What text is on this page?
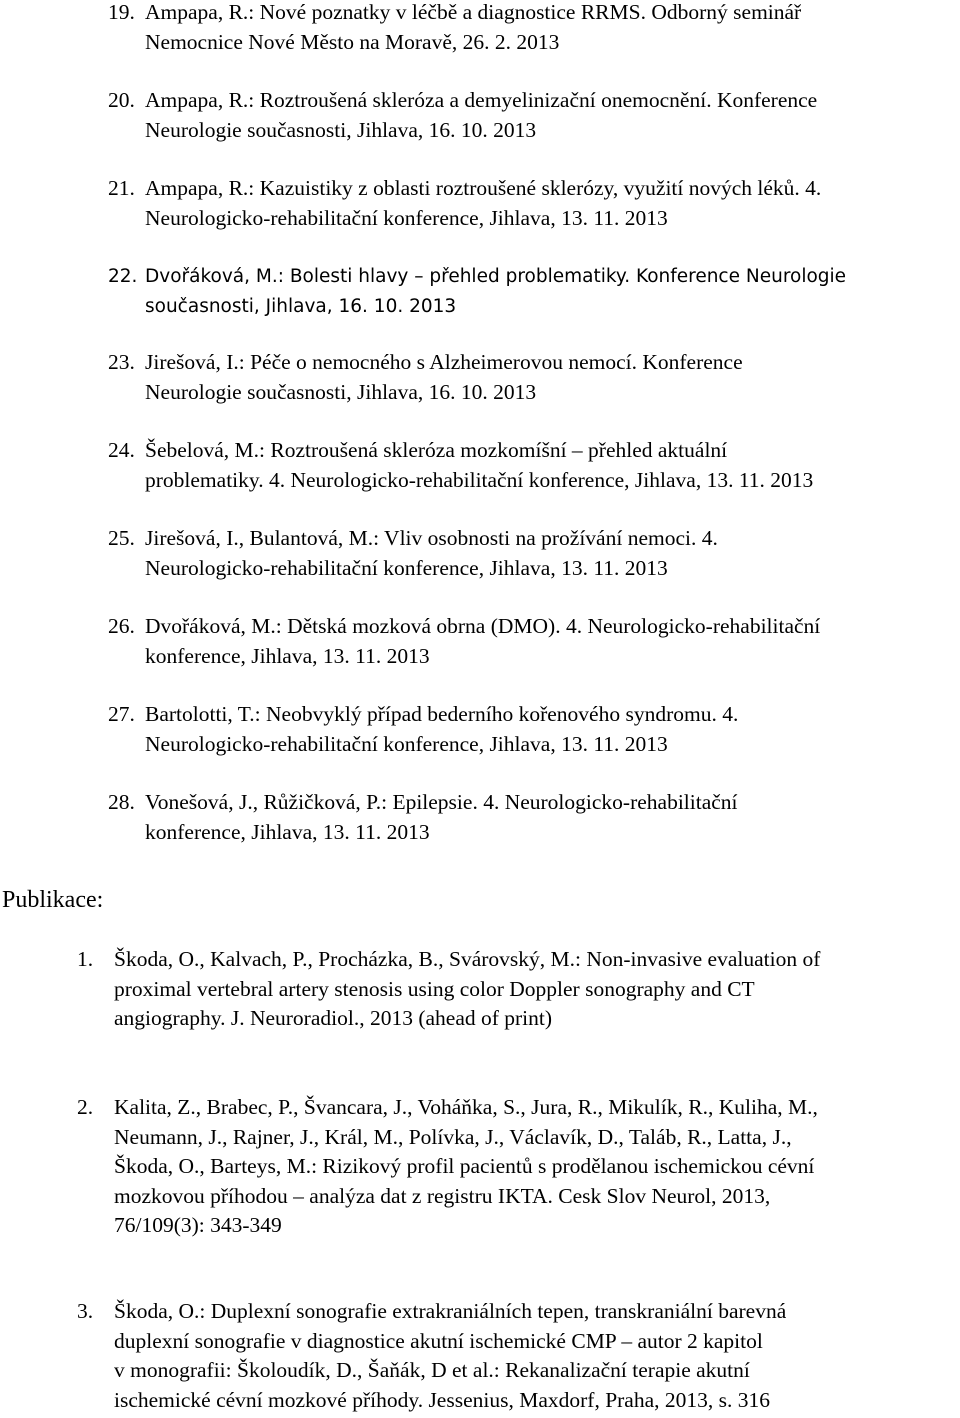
19. Ampapa, R.: Nové poznatky v léčbě a diagnostice RRMS. Odborný seminář
Nemocnice Nové Město na Moravě, 26. 2. 2013
20. Ampapa, R.: Roztroušená skleróza a demyelinizační onemocnění. Konference
Neurologie současnosti, Jihlava, 16. 10. 2013
21. Ampapa, R.: Kazuistiky z oblasti roztroušené sklerózy, využití nových léků. 4.
Neurologicko-rehabilitační konference, Jihlava, 13. 11. 2013
22. Dvořáková, M.: Bolesti hlavy – přehled problematiky. Konference Neurologie
současnosti, Jihlava, 16. 10. 2013
23. Jirešová, I.: Péče o nemocného s Alzheimerovou nemocí. Konference
Neurologie současnosti, Jihlava, 16. 10. 2013
24. Šebelová, M.: Roztroušená skleróza mozkomíšní – přehled aktuální
problematiky. 4. Neurologicko-rehabilitační konference, Jihlava, 13. 11. 2013
25. Jirešová, I., Bulantová, M.: Vliv osobnosti na prožívání nemoci. 4.
Neurologicko-rehabilitační konference, Jihlava, 13. 11. 2013
26. Dvořáková, M.: Dětská mozková obrna (DMO). 4. Neurologicko-rehabilitační
konference, Jihlava, 13. 11. 2013
27. Bartolotti, T.: Neobvyklý případ bederního kořenového syndromu. 4.
Neurologicko-rehabilitační konference, Jihlava, 13. 11. 2013
28. Vonešová, J., Růžičková, P.: Epilepsie. 4. Neurologicko-rehabilitační
konference, Jihlava, 13. 11. 2013
Publikace:
1. Škoda, O., Kalvach, P., Procházka, B., Svárovský, M.: Non-invasive evaluation of
proximal vertebral artery stenosis using color Doppler sonography and CT
angiography. J. Neuroradiol., 2013 (ahead of print)
2. Kalita, Z., Brabec, P., Švancara, J., Voháňka, S., Jura, R., Mikulík, R., Kuliha, M.,
Neumann, J., Rajner, J., Král, M., Polívka, J., Václavík, D., Taláb, R., Latta, J.,
Škoda, O., Barteys, M.: Rizikový profil pacientů s prodělanou ischemickou cévní
mozkovou příhodou – analýza dat z registru IKTA. Cesk Slov Neurol, 2013,
76/109(3): 343-349
3. Škoda, O.: Duplexní sonografie extrakraniálních tepen, transkraniální barevná
duplexní sonografie v diagnostice akutní ischemické CMP – autor 2 kapitol
v monografii: Školoudík, D., Šaňák, D et al.: Rekanalizační terapie akutní
ischemické cévní mozkové příhody. Jessenius, Maxdorf, Praha, 2013, s. 316
